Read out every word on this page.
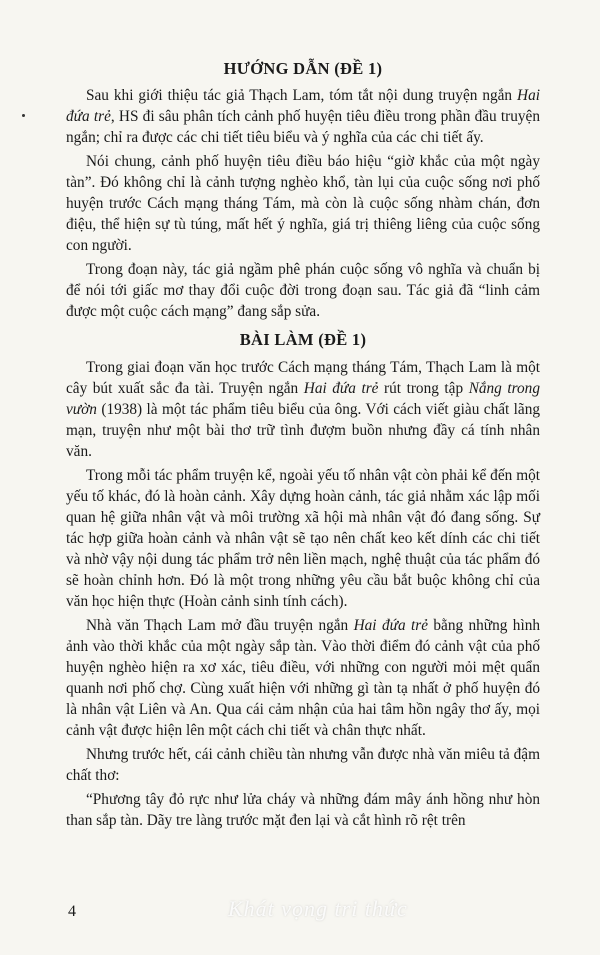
HƯỚNG DẪN (ĐỀ 1)

Sau khi giới thiệu tác giả Thạch Lam, tóm tắt nội dung truyện ngắn Hai đứa trẻ, HS đi sâu phân tích cảnh phố huyện tiêu điều trong phần đầu truyện ngắn; chỉ ra được các chi tiết tiêu biểu và ý nghĩa của các chi tiết ấy.

Nói chung, cảnh phố huyện tiêu điều báo hiệu “giờ khắc của một ngày tàn”. Đó không chỉ là cảnh tượng nghèo khổ, tàn lụi của cuộc sống nơi phố huyện trước Cách mạng tháng Tám, mà còn là cuộc sống nhàm chán, đơn điệu, thể hiện sự tù túng, mất hết ý nghĩa, giá trị thiêng liêng của cuộc sống con người.

Trong đoạn này, tác giả ngầm phê phán cuộc sống vô nghĩa và chuẩn bị để nói tới giấc mơ thay đổi cuộc đời trong đoạn sau. Tác giả đã “linh cảm được một cuộc cách mạng” đang sắp sửa.

BÀI LÀM (ĐỀ 1)

Trong giai đoạn văn học trước Cách mạng tháng Tám, Thạch Lam là một cây bút xuất sắc đa tài. Truyện ngắn Hai đứa trẻ rút trong tập Nắng trong vườn (1938) là một tác phẩm tiêu biểu của ông. Với cách viết giàu chất lãng mạn, truyện như một bài thơ trữ tình đượm buồn nhưng đầy cá tính nhân văn.

Trong mỗi tác phẩm truyện kể, ngoài yếu tố nhân vật còn phải kể đến một yếu tố khác, đó là hoàn cảnh. Xây dựng hoàn cảnh, tác giả nhằm xác lập mối quan hệ giữa nhân vật và môi trường xã hội mà nhân vật đó đang sống. Sự tác hợp giữa hoàn cảnh và nhân vật sẽ tạo nên chất keo kết dính các chi tiết và nhờ vậy nội dung tác phẩm trở nên liền mạch, nghệ thuật của tác phẩm đó sẽ hoàn chỉnh hơn. Đó là một trong những yêu cầu bắt buộc không chỉ của văn học hiện thực (Hoàn cảnh sinh tính cách).

Nhà văn Thạch Lam mở đầu truyện ngắn Hai đứa trẻ bằng những hình ảnh vào thời khắc của một ngày sắp tàn. Vào thời điểm đó cảnh vật của phố huyện nghèo hiện ra xơ xác, tiêu điều, với những con người mỏi mệt quẩn quanh nơi phố chợ. Cùng xuất hiện với những gì tàn tạ nhất ở phố huyện đó là nhân vật Liên và An. Qua cái cảm nhận của hai tâm hồn ngây thơ ấy, mọi cảnh vật được hiện lên một cách chi tiết và chân thực nhất.

Nhưng trước hết, cái cảnh chiều tàn nhưng vẫn được nhà văn miêu tả đậm chất thơ:

“Phương tây đỏ rực như lửa cháy và những đám mây ánh hồng như hòn than sắp tàn. Dãy tre làng trước mặt đen lại và cắt hình rõ rệt trên

4	Khát vọng tri thức
